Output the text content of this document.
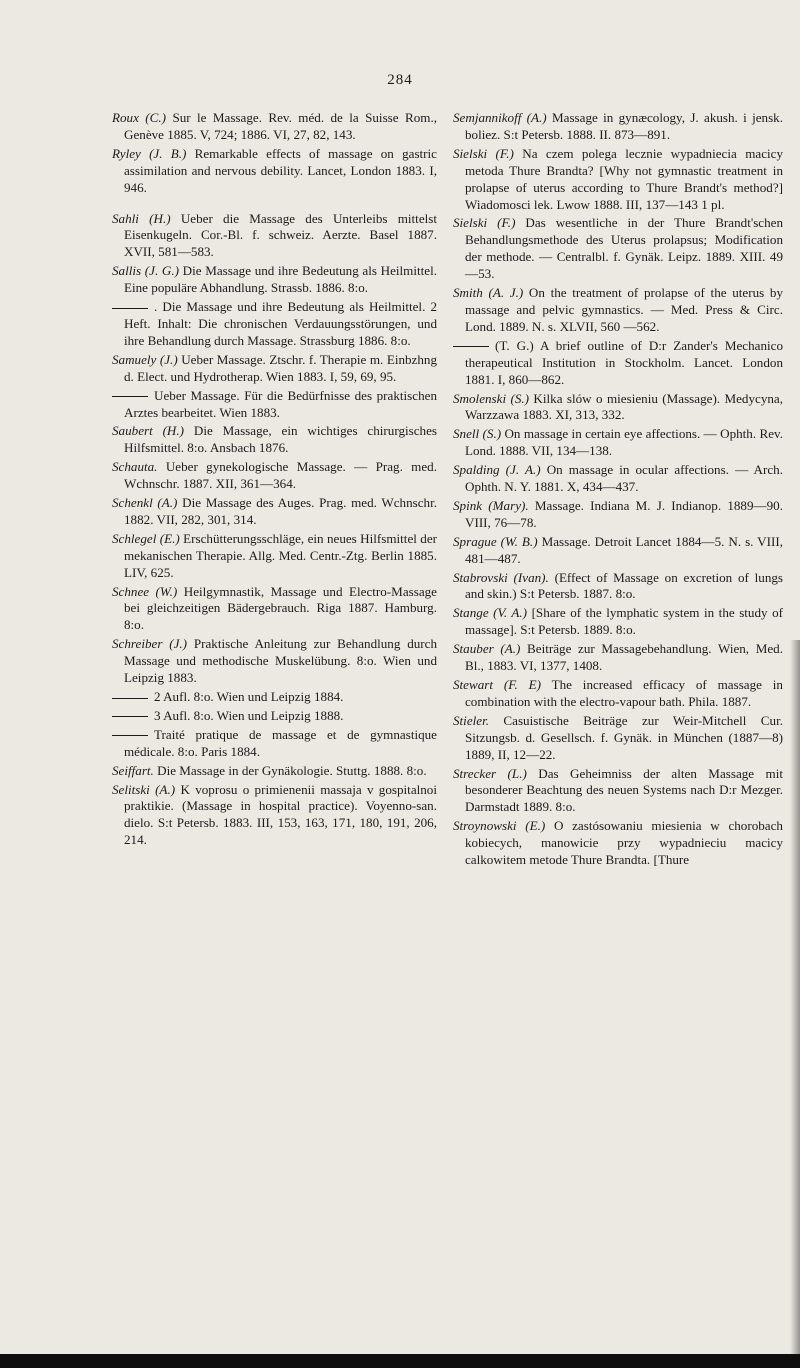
284

Roux (C.) Sur le Massage. Rev. méd. de la Suisse Rom., Genève 1885. V, 724; 1886. VI, 27, 82, 143.

Ryley (J. B.) Remarkable effects of massage on gastric assimilation and nervous debility. Lancet, London 1883. I, 946.

Sahli (H.) Ueber die Massage des Unterleibs mittelst Eisenkugeln. Cor.-Bl. f. schweiz. Aerzte. Basel 1887. XVII, 581—583.

Sallis (J. G.) Die Massage und ihre Bedeutung als Heilmittel. Eine populäre Abhandlung. Strassb. 1886. 8:o.

. Die Massage und ihre Bedeutung als Heilmittel. 2 Heft. Inhalt: Die chronischen Verdauungsstörungen, und ihre Behandlung durch Massage. Strassburg 1886. 8:o.

Samuely (J.) Ueber Massage. Ztschr. f. Therapie m. Einbzhng d. Elect. und Hydrotherap. Wien 1883. I, 59, 69, 95.

Ueber Massage. Für die Bedürfnisse des praktischen Arztes bearbeitet. Wien 1883.

Saubert (H.) Die Massage, ein wichtiges chirurgisches Hilfsmittel. 8:o. Ansbach 1876.

Schauta. Ueber gynekologische Massage. — Prag. med. Wchnschr. 1887. XII, 361—364.

Schenkl (A.) Die Massage des Auges. Prag. med. Wchnschr. 1882. VII, 282, 301, 314.

Schlegel (E.) Erschütterungsschläge, ein neues Hilfsmittel der mekanischen Therapie. Allg. Med. Centr.-Ztg. Berlin 1885. LIV, 625.

Schnee (W.) Heilgymnastik, Massage und Electro-Massage bei gleichzeitigen Bädergebrauch. Riga 1887. Hamburg. 8:o.

Schreiber (J.) Praktische Anleitung zur Behandlung durch Massage und methodische Muskelübung. 8:o. Wien und Leipzig 1883.

2 Aufl. 8:o. Wien und Leipzig 1884.

3 Aufl. 8:o. Wien und Leipzig 1888.

Traité pratique de massage et de gymnastique médicale. 8:o. Paris 1884.

Seiffart. Die Massage in der Gynäkologie. Stuttg. 1888. 8:o.

Selitski (A.) K voprosu o primienenii massaja v gospitalnoi praktikie. (Massage in hospital practice). Voyenno-san. dielo. S:t Petersb. 1883. III, 153, 163, 171, 180, 191, 206, 214.

Semjannikoff (A.) Massage in gynæcology, J. akush. i jensk. boliez. S:t Petersb. 1888. II. 873—891.

Sielski (F.) Na czem polega lecznie wypadniecia macicy metoda Thure Brandta? [Why not gymnastic treatment in prolapse of uterus according to Thure Brandt's method?] Wiadomosci lek. Lwow 1888. III, 137—143 1 pl.

Sielski (F.) Das wesentliche in der Thure Brandt'schen Behandlungsmethode des Uterus prolapsus; Modification der methode. — Centralbl. f. Gynäk. Leipz. 1889. XIII. 49—53.

Smith (A. J.) On the treatment of prolapse of the uterus by massage and pelvic gymnastics. — Med. Press & Circ. Lond. 1889. N. s. XLVII, 560 —562.

(T. G.) A brief outline of D:r Zander's Mechanico therapeutical Institution in Stockholm. Lancet. London 1881. I, 860—862.

Smolenski (S.) Kilka slów o miesieniu (Massage). Medycyna, Warzzawa 1883. XI, 313, 332.

Snell (S.) On massage in certain eye affections. — Ophth. Rev. Lond. 1888. VII, 134—138.

Spalding (J. A.) On massage in ocular affections. — Arch. Ophth. N. Y. 1881. X, 434—437.

Spink (Mary). Massage. Indiana M. J. Indianop. 1889—90. VIII, 76—78.

Sprague (W. B.) Massage. Detroit Lancet 1884—5. N. s. VIII, 481—487.

Stabrovski (Ivan). (Effect of Massage on excretion of lungs and skin.) S:t Petersb. 1887. 8:o.

Stange (V. A.) [Share of the lymphatic system in the study of massage]. S:t Petersb. 1889. 8:o.

Stauber (A.) Beiträge zur Massagebehandlung. Wien, Med. Bl., 1883. VI, 1377, 1408.

Stewart (F. E) The increased efficacy of massage in combination with the electro-vapour bath. Phila. 1887.

Stieler. Casuistische Beiträge zur Weir-Mitchell Cur. Sitzungsb. d. Gesellsch. f. Gynäk. in München (1887—8) 1889, II, 12—22.

Strecker (L.) Das Geheimniss der alten Massage mit besonderer Beachtung des neuen Systems nach D:r Mezger. Darmstadt 1889. 8:o.

Stroynowski (E.) O zastósowaniu miesienia w chorobach kobiecych, manowicie przy wypadnieciu macicy calkowitem metode Thure Brandta. [Thure
